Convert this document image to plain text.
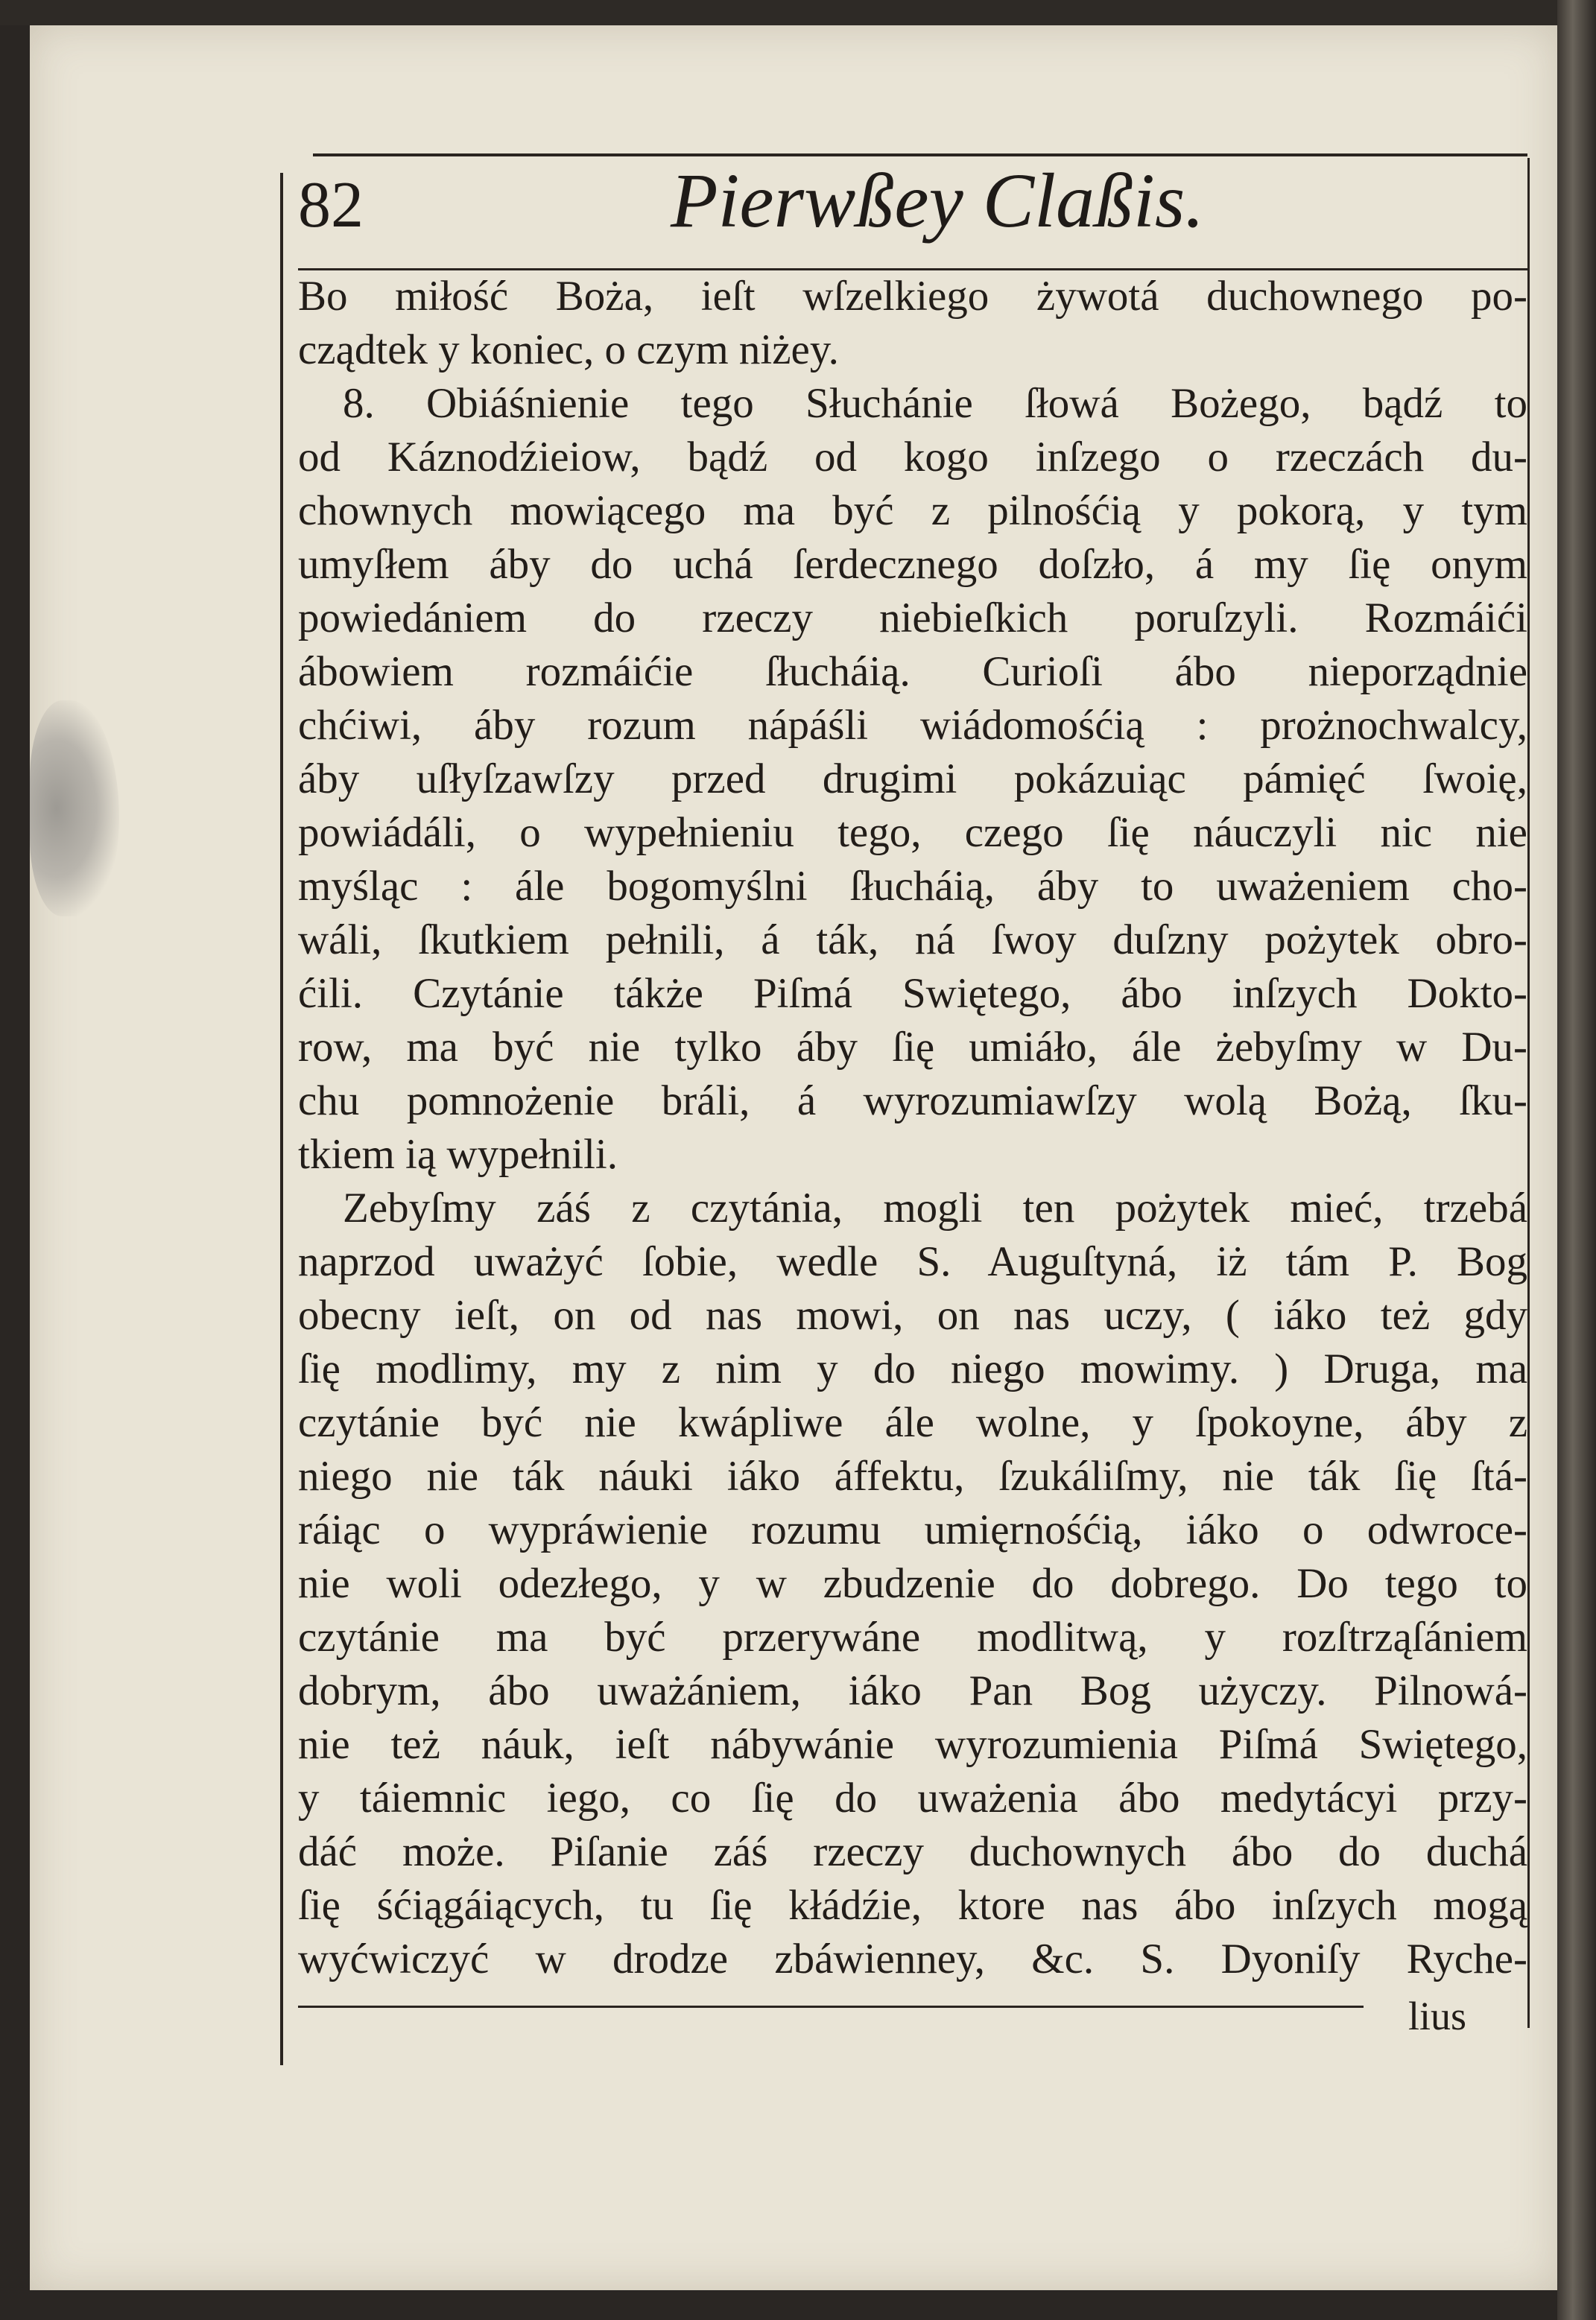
82	Pierwßey Claßis.
Bo miłość Boża, ieſt wſzelkiego żywotá duchownego po-
cządtek y koniec, o czym niżey.
8. Obiáśnienie tego Słuchánie ſłowá Bożego, bądź to
od Káznodźieiow, bądź od kogo inſzego o rzeczách du-
chownych mowiącego ma być z pilnośćią y pokorą, y tym
umyſłem áby do uchá ſerdecznego doſzło, á my ſię onym
powiedániem do rzeczy niebieſkich poruſzyli. Rozmáići
ábowiem rozmáićie ſłucháią. Curioſi ábo nieporządnie
chćiwi, áby rozum nápáśli wiádomośćią : prożnochwalcy,
áby uſłyſzawſzy przed drugimi pokázuiąc pámięć ſwoię,
powiádáli, o wypełnieniu tego, czego ſię náuczyli nic nie
myśląc : ále bogomyślni ſłucháią, áby to uważeniem cho-
wáli, ſkutkiem pełnili, á ták, ná ſwoy duſzny pożytek obro-
ćili. Czytánie tákże Piſmá Swiętego, ábo inſzych Dokto-
row, ma być nie tylko áby ſię umiáło, ále żebyſmy w Du-
chu pomnożenie bráli, á wyrozumiawſzy wolą Bożą, ſku-
tkiem ią wypełnili.
Zebyſmy záś z czytánia, mogli ten pożytek mieć, trzebá
naprzod uważyć ſobie, wedle S. Auguſtyná, iż tám P. Bog
obecny ieſt, on od nas mowi, on nas uczy, ( iáko też gdy
ſię modlimy, my z nim y do niego mowimy. ) Druga, ma
czytánie być nie kwápliwe ále wolne, y ſpokoyne, áby z
niego nie ták náuki iáko áffektu, ſzukáliſmy, nie ták ſię ſtá-
ráiąc o wypráwienie rozumu umięrnośćią, iáko o odwroce-
nie woli odezłego, y w zbudzenie do dobrego. Do tego to
czytánie ma być przerywáne modlitwą, y rozſtrząſániem
dobrym, ábo uważániem, iáko Pan Bog użyczy. Pilnowá-
nie też náuk, ieſt nábywánie wyrozumienia Piſmá Swiętego,
y táiemnic iego, co ſię do uważenia ábo medytácyi przy-
dáć może. Piſanie záś rzeczy duchownych ábo do duchá
ſię śćiągáiących, tu ſię kłádźie, ktore nas ábo inſzych mogą
wyćwiczyć w drodze zbáwienney, &c. S. Dyoniſy Ryche-
lius
